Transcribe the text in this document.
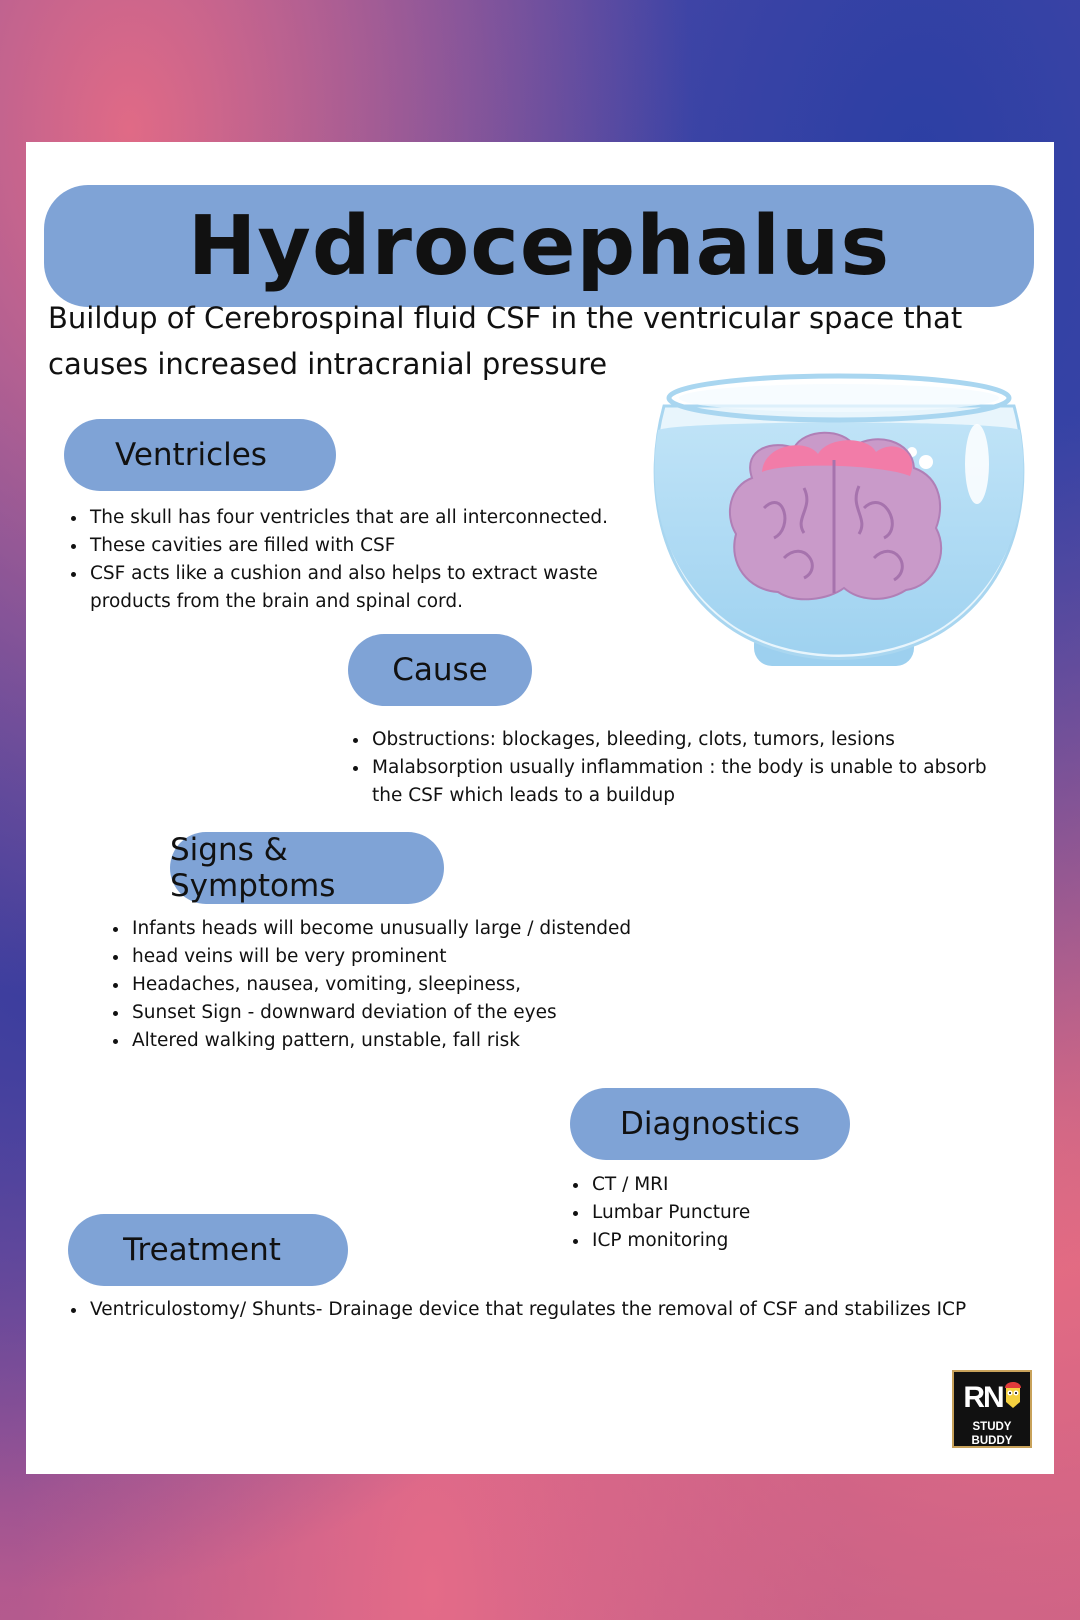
Hydrocephalus
Buildup of Cerebrospinal fluid CSF in the ventricular space that causes increased intracranial pressure
Ventricles
• The skull has four ventricles that are all interconnected.
• These cavities are filled with CSF
• CSF acts like a cushion and also helps to extract waste products from the brain and spinal cord.
Cause
• Obstructions: blockages, bleeding, clots, tumors, lesions
• Malabsorption usually inflammation : the body is unable to absorb the CSF which leads to a buildup
Signs & Symptoms
• Infants heads will become unusually large / distended
• head veins will be very prominent
• Headaches, nausea, vomiting, sleepiness,
• Sunset Sign - downward deviation of the eyes
• Altered walking pattern, unstable, fall risk
Diagnostics
• CT / MRI
• Lumbar Puncture
• ICP monitoring
Treatment
• Ventriculostomy/ Shunts- Drainage device that regulates the removal of CSF and stabilizes ICP
RN
STUDY BUDDY
